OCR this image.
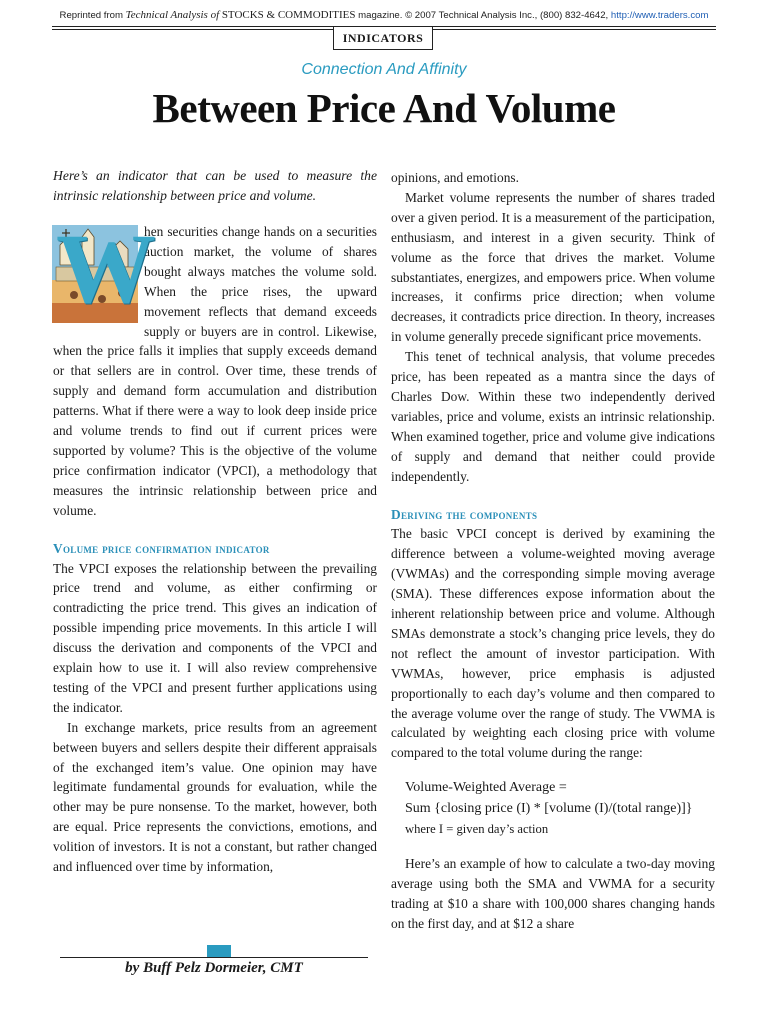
Reprinted from Technical Analysis of STOCKS & COMMODITIES magazine. © 2007 Technical Analysis Inc., (800) 832-4642, http://www.traders.com
INDICATORS
Connection And Affinity
Between Price And Volume

Here’s an indicator that can be used to measure the intrinsic relationship between price and volume.

W

hen securities change hands on a securities auction market, the volume of shares bought always matches the volume sold. When the price rises, the upward movement reflects that demand exceeds supply or buyers are in control. Likewise, when the price falls it implies that supply exceeds demand or that sellers are in control. Over time, these trends of supply and demand form accumulation and distribution patterns. What if there were a way to look deep inside price and volume trends to find out if current prices were supported by volume? This is the objective of the volume price confirmation indicator (VPCI), a methodology that measures the intrinsic relationship between price and volume.

Volume price confirmation indicator

The VPCI exposes the relationship between the prevailing price trend and volume, as either confirming or contradicting the price trend. This gives an indication of possible impending price movements. In this article I will discuss the derivation and components of the VPCI and explain how to use it. I will also review comprehensive testing of the VPCI and present further applications using the indicator.

In exchange markets, price results from an agreement between buyers and sellers despite their different appraisals of the exchanged item’s value. One opinion may have legitimate fundamental grounds for evaluation, while the other may be pure nonsense. To the market, however, both are equal. Price represents the convictions, emotions, and volition of investors. It is not a constant, but rather changed and influenced over time by information,

opinions, and emotions.

Market volume represents the number of shares traded over a given period. It is a measurement of the participation, enthusiasm, and interest in a given security. Think of volume as the force that drives the market. Volume substantiates, energizes, and empowers price. When volume increases, it confirms price direction; when volume decreases, it contradicts price direction. In theory, increases in volume generally precede significant price movements.

This tenet of technical analysis, that volume precedes price, has been repeated as a mantra since the days of Charles Dow. Within these two independently derived variables, price and volume, exists an intrinsic relationship. When examined together, price and volume give indications of supply and demand that neither could provide independently.

Deriving the components

The basic VPCI concept is derived by examining the difference between a volume-weighted moving average (VWMAs) and the corresponding simple moving average (SMA). These differences expose information about the inherent relationship between price and volume. Although SMAs demonstrate a stock’s changing price levels, they do not reflect the amount of investor participation. With VWMAs, however, price emphasis is adjusted proportionally to each day’s volume and then compared to the average volume over the range of study. The VWMA is calculated by weighting each closing price with volume compared to the total volume during the range:

Volume-Weighted Average =
Sum {closing price (I) * [volume (I)/(total range)]}
where I = given day’s action

Here’s an example of how to calculate a two-day moving average using both the SMA and VWMA for a security trading at $10 a share with 100,000 shares changing hands on the first day, and at $12 a share

by Buff Pelz Dormeier, CMT
